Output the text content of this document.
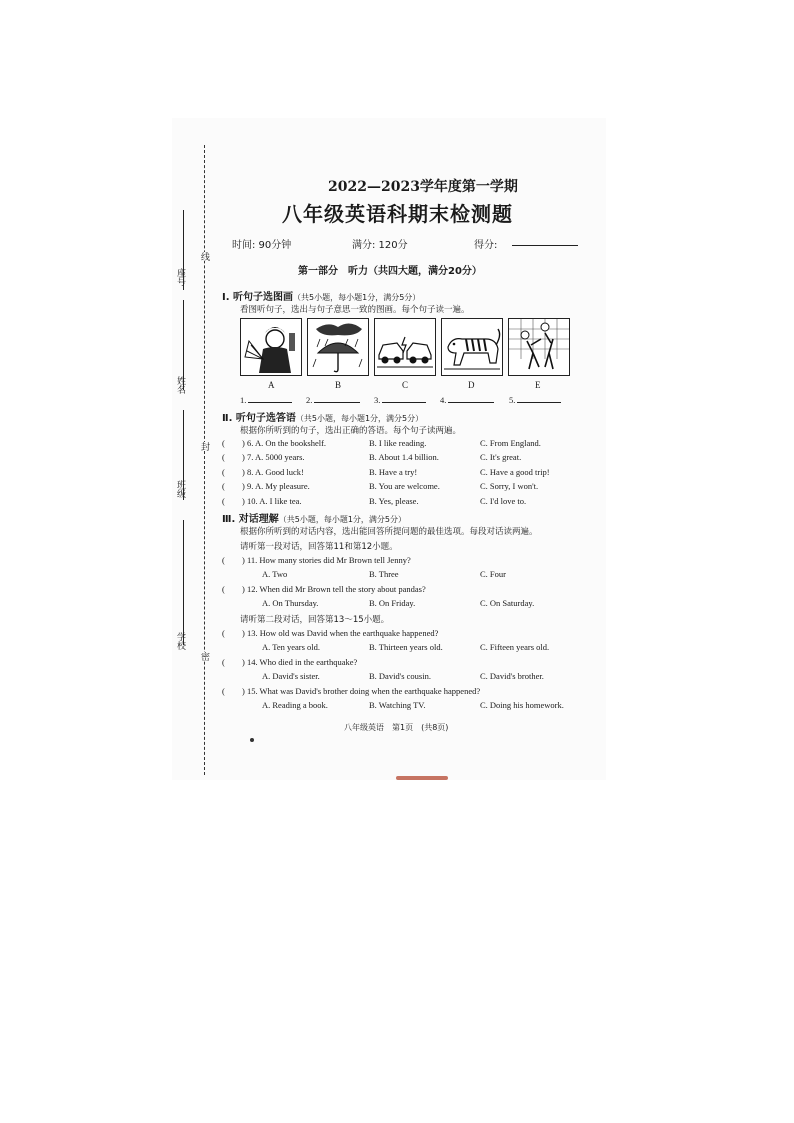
座号
姓名
班级
学校
线
封
密
2022—2023学年度第一学期
八年级英语科期末检测题
时间: 90分钟	满分: 120分	得分:
第一部分　听力（共四大题，满分20分）
Ⅰ. 听句子选图画（共5小题，每小题1分，满分5分）
看图听句子，选出与句子意思一致的图画。每个句子读一遍。
A	B	C	D	E
1.	2.	3.	4.	5.
Ⅱ. 听句子选答语（共5小题，每小题1分，满分5分）
根据你所听到的句子，选出正确的答语。每个句子读两遍。
( ) 6. A. On the bookshelf.	B. I like reading.	C. From England.
( ) 7. A. 5000 years.	B. About 1.4 billion.	C. It's great.
( ) 8. A. Good luck!	B. Have a try!	C. Have a good trip!
( ) 9. A. My pleasure.	B. You are welcome.	C. Sorry, I won't.
( ) 10. A. I like tea.	B. Yes, please.	C. I'd love to.
Ⅲ. 对话理解（共5小题，每小题1分，满分5分）
根据你所听到的对话内容，选出能回答所提问题的最佳选项。每段对话读两遍。
请听第一段对话，回答第11和第12小题。
( ) 11. How many stories did Mr Brown tell Jenny?
A. Two	B. Three	C. Four
( ) 12. When did Mr Brown tell the story about pandas?
A. On Thursday.	B. On Friday.	C. On Saturday.
请听第二段对话，回答第13～15小题。
( ) 13. How old was David when the earthquake happened?
A. Ten years old.	B. Thirteen years old.	C. Fifteen years old.
( ) 14. Who died in the earthquake?
A. David's sister.	B. David's cousin.	C. David's brother.
( ) 15. What was David's brother doing when the earthquake happened?
A. Reading a book.	B. Watching TV.	C. Doing his homework.
八年级英语　第1页　(共8页)
